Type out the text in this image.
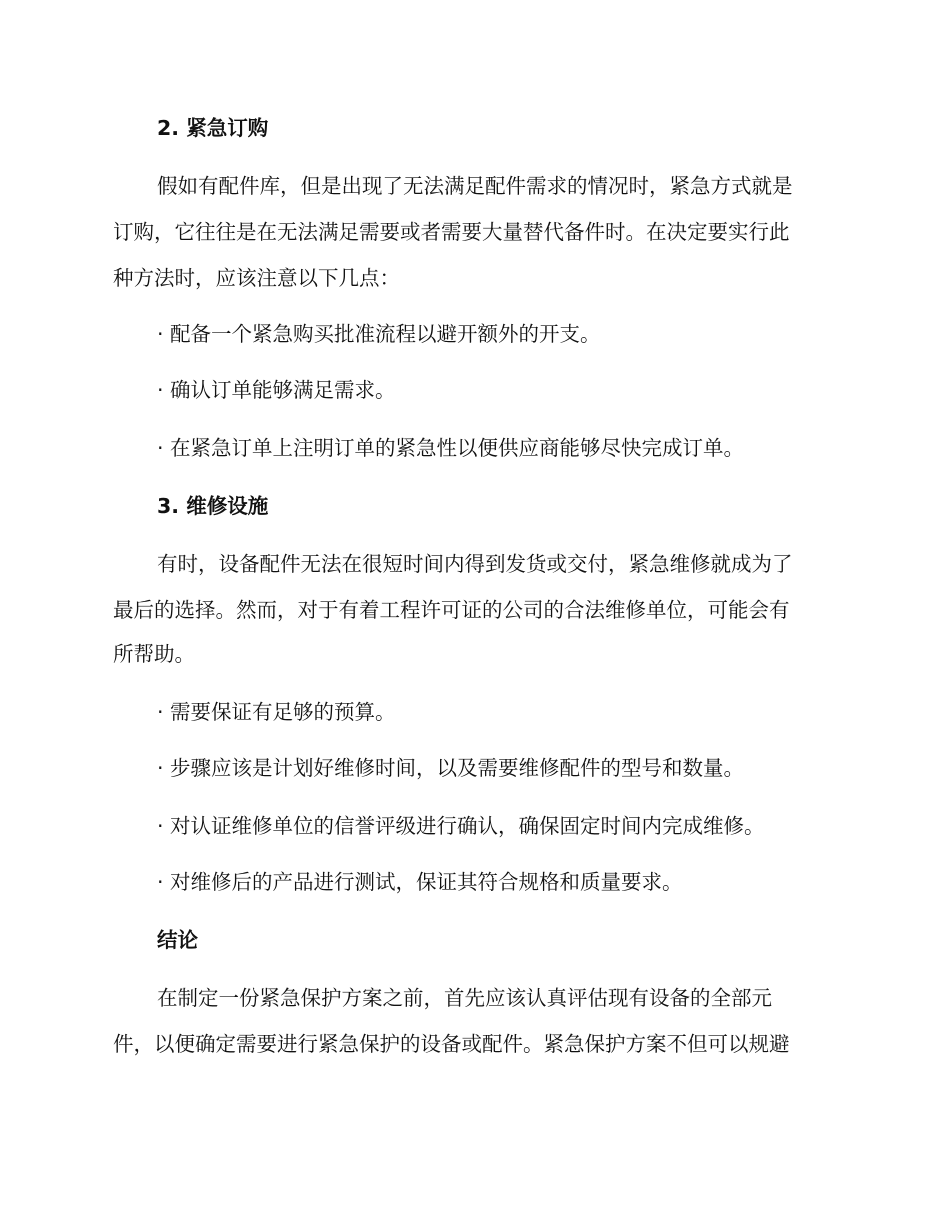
2. 紧急订购
假如有配件库，但是出现了无法满足配件需求的情况时，紧急方式就是
订购，它往往是在无法满足需要或者需要大量替代备件时。在决定要实行此
种方法时，应该注意以下几点：
· 配备一个紧急购买批准流程以避开额外的开支。
· 确认订单能够满足需求。
· 在紧急订单上注明订单的紧急性以便供应商能够尽快完成订单。
3. 维修设施
有时，设备配件无法在很短时间内得到发货或交付，紧急维修就成为了
最后的选择。然而，对于有着工程许可证的公司的合法维修单位，可能会有
所帮助。
· 需要保证有足够的预算。
· 步骤应该是计划好维修时间，以及需要维修配件的型号和数量。
· 对认证维修单位的信誉评级进行确认，确保固定时间内完成维修。
· 对维修后的产品进行测试，保证其符合规格和质量要求。
结论
在制定一份紧急保护方案之前，首先应该认真评估现有设备的全部元
件，以便确定需要进行紧急保护的设备或配件。紧急保护方案不但可以规避
